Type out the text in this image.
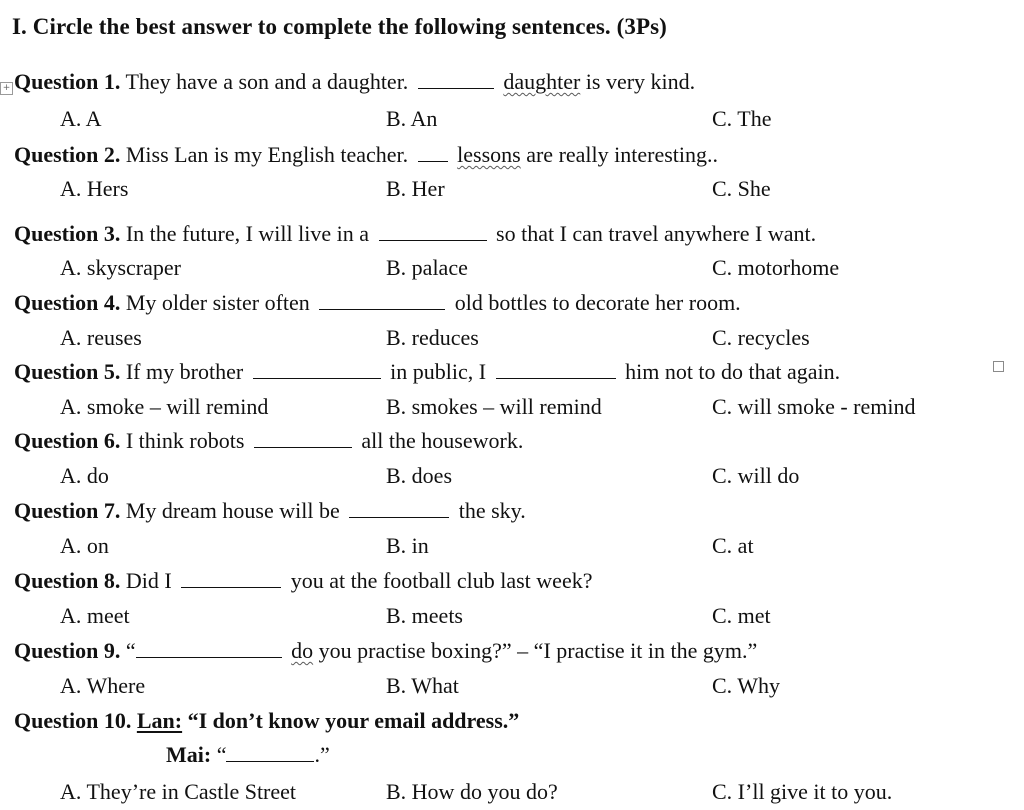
I. Circle the best answer to complete the following sentences. (3Ps)
+ Question 1. They have a son and a daughter.	daughter is very kind.
A. A	B. An	C. The
Question 2. Miss Lan is my English teacher. lessons are really interesting..
A. Hers	B. Her	C. She
Question 3. In the future, I will live in a	so that I can travel anywhere I want.
A. skyscraper	B. palace	C. motorhome
Question 4. My older sister often	old bottles to decorate her room.
A. reuses	B. reduces	C. recycles
Question 5. If my brother	in public, I	him not to do that again.
A. smoke – will remind	B. smokes – will remind	C. will smoke - remind
Question 6. I think robots	all the housework.
A. do	B. does	C. will do
Question 7. My dream house will be	the sky.
A. on	B. in	C. at
Question 8. Did I	you at the football club last week?
A. meet	B. meets	C. met
Question 9. “	do you practise boxing?” – “I practise it in the gym.”
A. Where	B. What	C. Why
Question 10. Lan: “I don’t know your email address.”
Mai: “	.”
A. They’re in Castle Street	B. How do you do?	C. I’ll give it to you.
